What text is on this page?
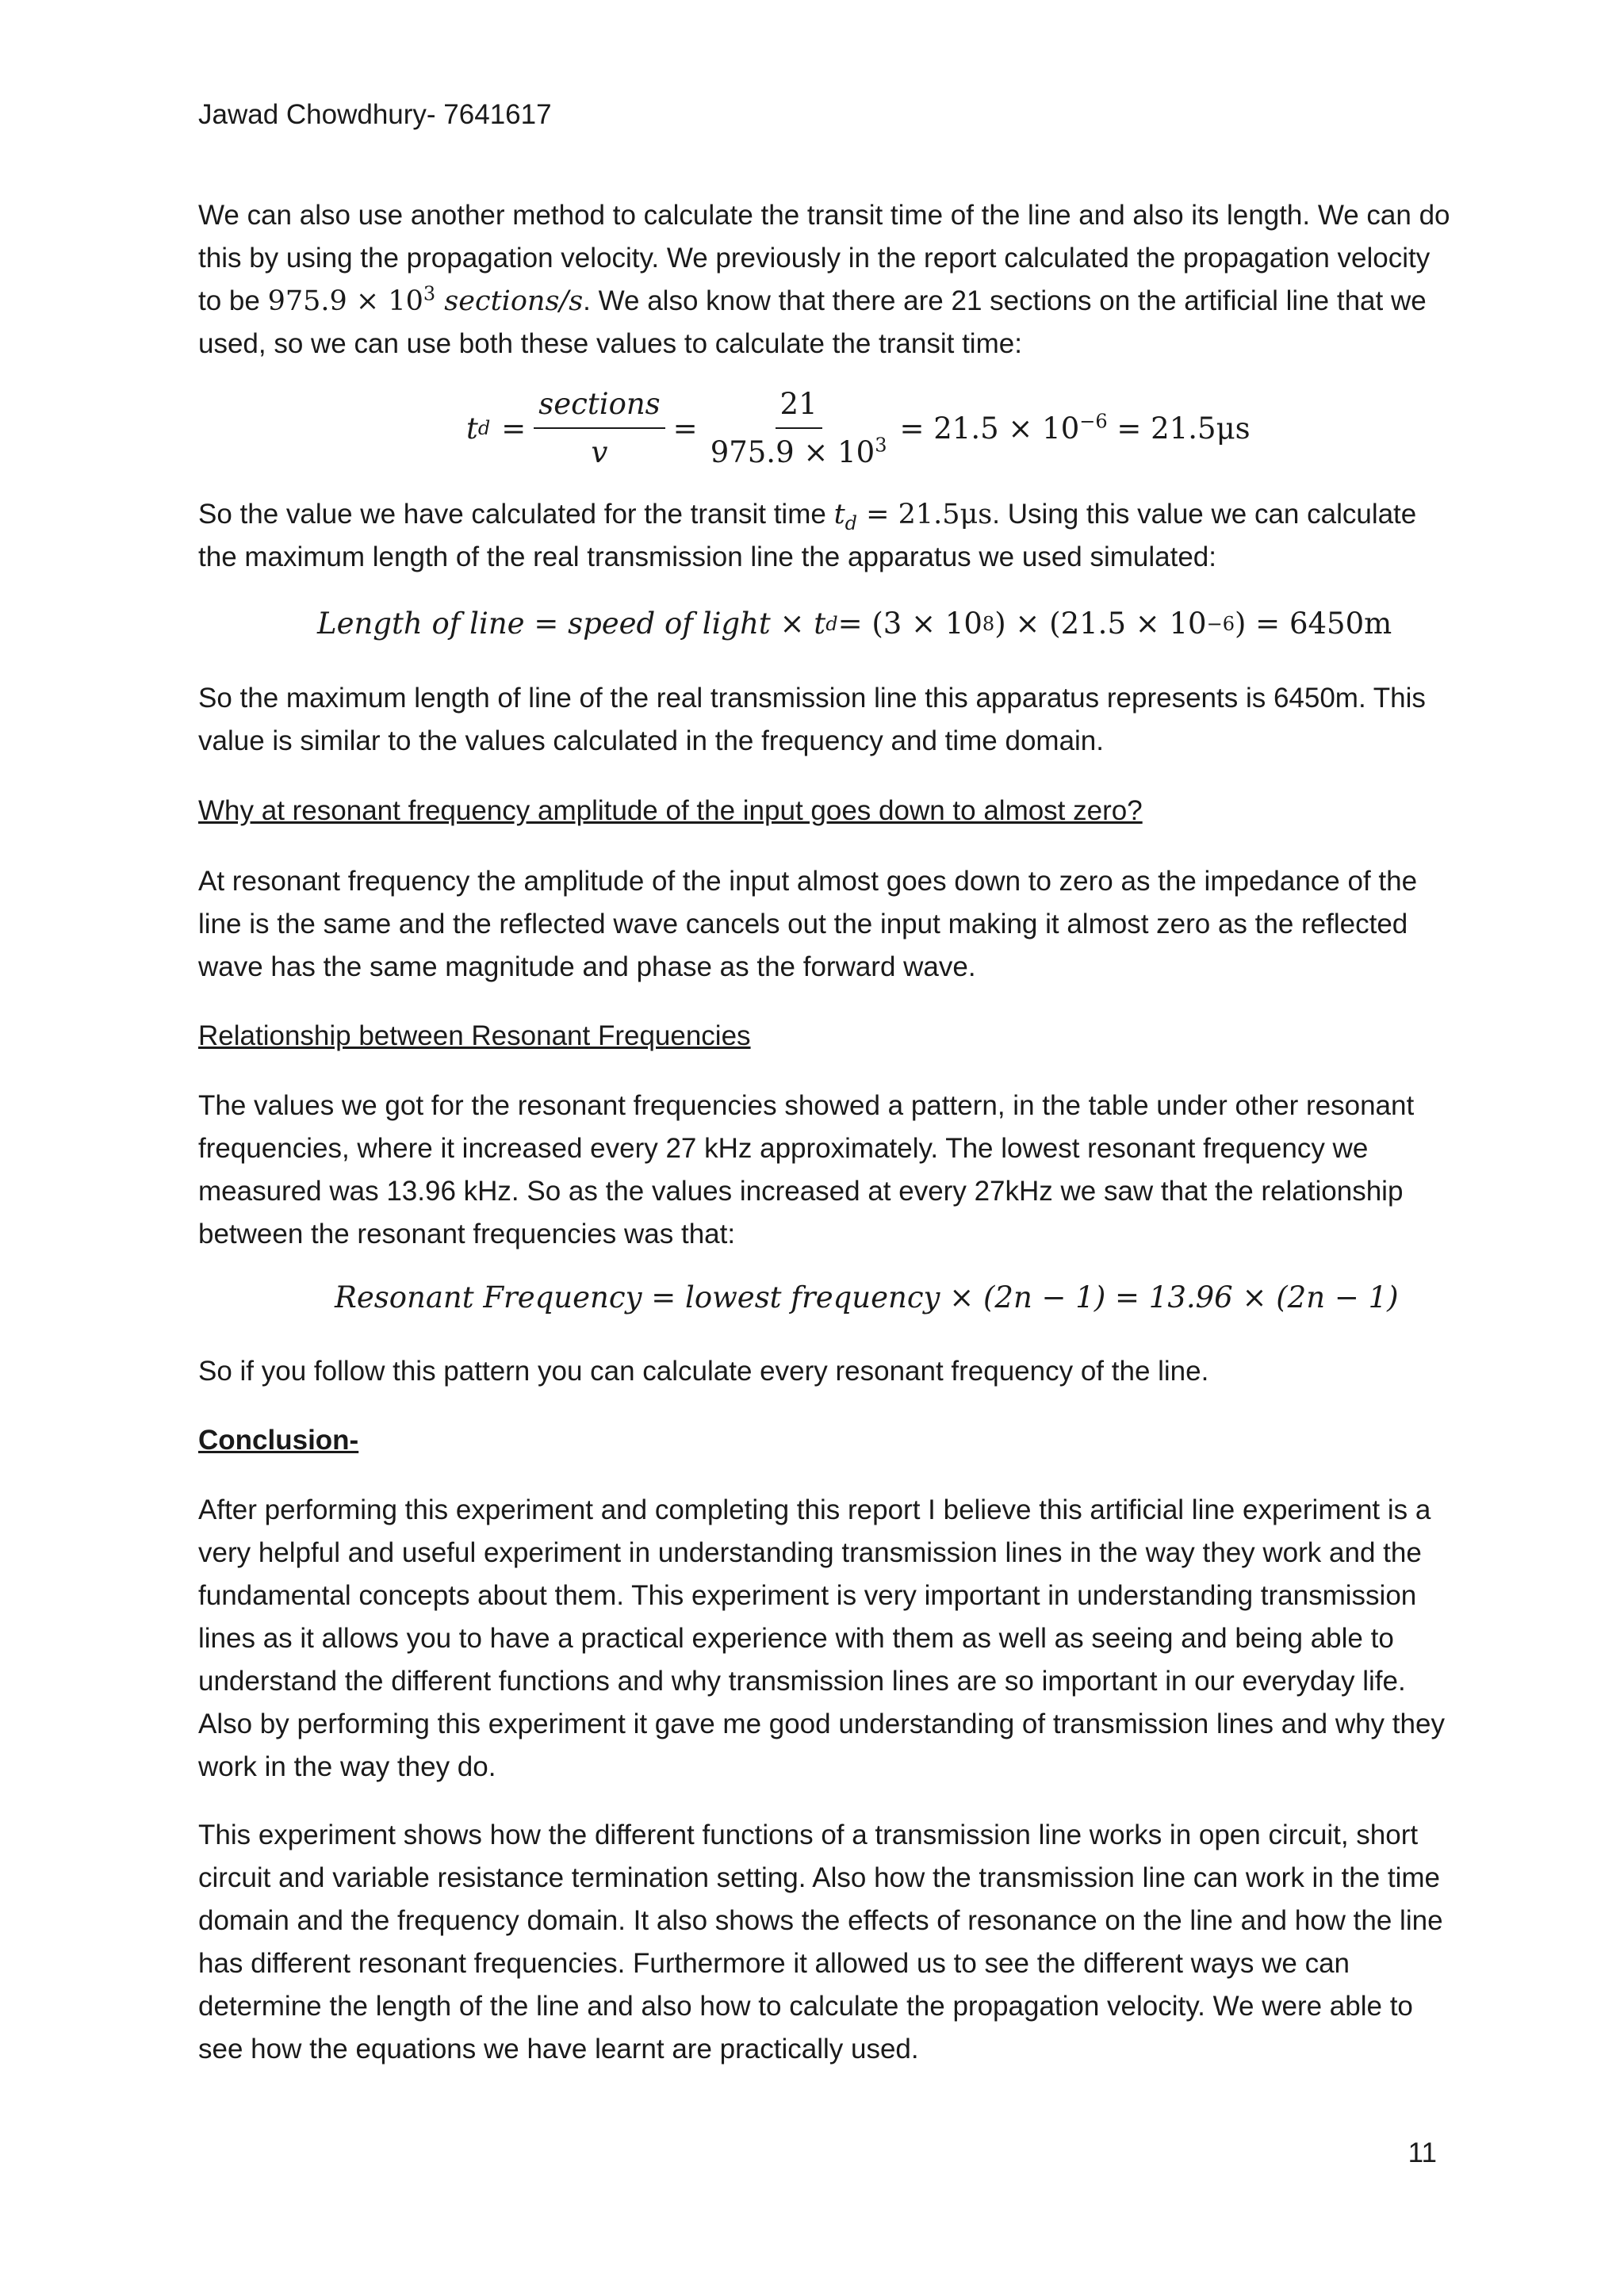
Jawad Chowdhury- 7641617

We can also use another method to calculate the transit time of the line and also its length. We can do this by using the propagation velocity. We previously in the report calculated the propagation velocity to be $975.9 \times 10^3$ sections/s. We also know that there are 21 sections on the artificial line that we used, so we can use both these values to calculate the transit time:

t $d = \frac{\text{sections}}{v} = \frac{21}{975.9 \times 10^3} = 21.5 \times 10^{-6} = 21.5\mu s$

So the value we have calculated for the transit time $t_d = 21.5\mu s$. Using this value we can calculate the maximum length of the real transmission line the apparatus we used simulated:

Length of line = speed of light × t d = (3 × 10 8 ) × (21.5 × 10 −6 ) = 6450m

So the maximum length of line of the real transmission line this apparatus represents is 6450m. This value is similar to the values calculated in the frequency and time domain.

Why at resonant frequency amplitude of the input goes down to almost zero?

At resonant frequency the amplitude of the input almost goes down to zero as the impedance of the line is the same and the reflected wave cancels out the input making it almost zero as the reflected wave has the same magnitude and phase as the forward wave.

Relationship between Resonant Frequencies

The values we got for the resonant frequencies showed a pattern, in the table under other resonant frequencies, where it increased every 27 kHz approximately. The lowest resonant frequency we measured was 13.96 kHz. So as the values increased at every 27kHz we saw that the relationship between the resonant frequencies was that:

Resonant Frequency = lowest frequency × (2n − 1) = 13.96 × (2n − 1)

So if you follow this pattern you can calculate every resonant frequency of the line.

Conclusion-

After performing this experiment and completing this report I believe this artificial line experiment is a very helpful and useful experiment in understanding transmission lines in the way they work and the fundamental concepts about them. This experiment is very important in understanding transmission lines as it allows you to have a practical experience with them as well as seeing and being able to understand the different functions and why transmission lines are so important in our everyday life. Also by performing this experiment it gave me good understanding of transmission lines and why they work in the way they do.

This experiment shows how the different functions of a transmission line works in open circuit, short circuit and variable resistance termination setting. Also how the transmission line can work in the time domain and the frequency domain. It also shows the effects of resonance on the line and how the line has different resonant frequencies. Furthermore it allowed us to see the different ways we can determine the length of the line and also how to calculate the propagation velocity. We were able to see how the equations we have learnt are practically used.

11
